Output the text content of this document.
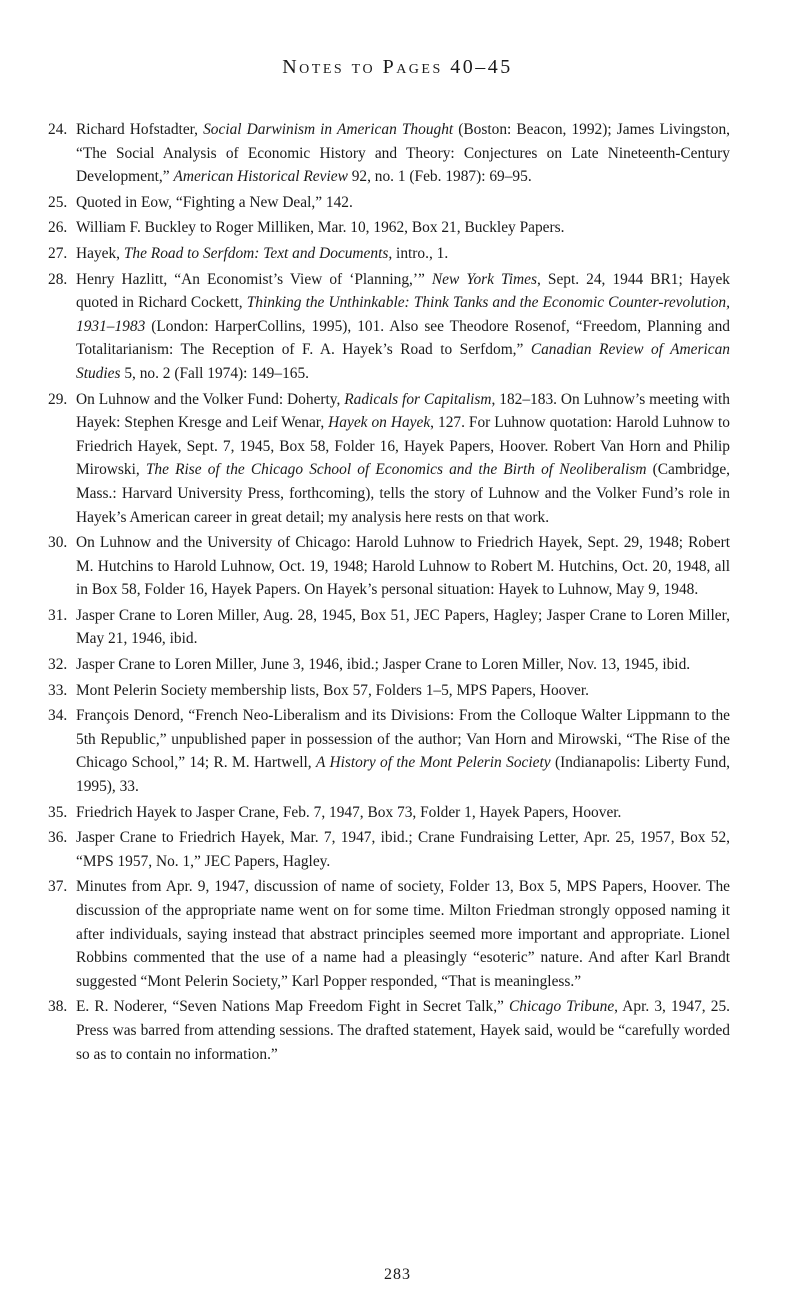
Notes to Pages 40–45
24. Richard Hofstadter, Social Darwinism in American Thought (Boston: Beacon, 1992); James Livingston, “The Social Analysis of Economic History and Theory: Conjectures on Late Nineteenth-Century Development,” American Historical Review 92, no. 1 (Feb. 1987): 69–95.
25. Quoted in Eow, “Fighting a New Deal,” 142.
26. William F. Buckley to Roger Milliken, Mar. 10, 1962, Box 21, Buckley Papers.
27. Hayek, The Road to Serfdom: Text and Documents, intro., 1.
28. Henry Hazlitt, “An Economist’s View of ‘Planning,’” New York Times, Sept. 24, 1944 BR1; Hayek quoted in Richard Cockett, Thinking the Unthinkable: Think Tanks and the Economic Counter-revolution, 1931–1983 (London: HarperCollins, 1995), 101. Also see Theodore Rosenof, “Freedom, Planning and Totalitarianism: The Reception of F. A. Hayek’s Road to Serfdom,” Canadian Review of American Studies 5, no. 2 (Fall 1974): 149–165.
29. On Luhnow and the Volker Fund: Doherty, Radicals for Capitalism, 182–183. On Luhnow’s meeting with Hayek: Stephen Kresge and Leif Wenar, Hayek on Hayek, 127. For Luhnow quotation: Harold Luhnow to Friedrich Hayek, Sept. 7, 1945, Box 58, Folder 16, Hayek Papers, Hoover. Robert Van Horn and Philip Mirowski, The Rise of the Chicago School of Economics and the Birth of Neoliberalism (Cambridge, Mass.: Harvard University Press, forthcoming), tells the story of Luhnow and the Volker Fund’s role in Hayek’s American career in great detail; my analysis here rests on that work.
30. On Luhnow and the University of Chicago: Harold Luhnow to Friedrich Hayek, Sept. 29, 1948; Robert M. Hutchins to Harold Luhnow, Oct. 19, 1948; Harold Luhnow to Robert M. Hutchins, Oct. 20, 1948, all in Box 58, Folder 16, Hayek Papers. On Hayek’s personal situation: Hayek to Luhnow, May 9, 1948.
31. Jasper Crane to Loren Miller, Aug. 28, 1945, Box 51, JEC Papers, Hagley; Jasper Crane to Loren Miller, May 21, 1946, ibid.
32. Jasper Crane to Loren Miller, June 3, 1946, ibid.; Jasper Crane to Loren Miller, Nov. 13, 1945, ibid.
33. Mont Pelerin Society membership lists, Box 57, Folders 1–5, MPS Papers, Hoover.
34. François Denord, “French Neo-Liberalism and its Divisions: From the Colloque Walter Lippmann to the 5th Republic,” unpublished paper in possession of the author; Van Horn and Mirowski, “The Rise of the Chicago School,” 14; R. M. Hartwell, A History of the Mont Pelerin Society (Indianapolis: Liberty Fund, 1995), 33.
35. Friedrich Hayek to Jasper Crane, Feb. 7, 1947, Box 73, Folder 1, Hayek Papers, Hoover.
36. Jasper Crane to Friedrich Hayek, Mar. 7, 1947, ibid.; Crane Fundraising Letter, Apr. 25, 1957, Box 52, “MPS 1957, No. 1,” JEC Papers, Hagley.
37. Minutes from Apr. 9, 1947, discussion of name of society, Folder 13, Box 5, MPS Papers, Hoover. The discussion of the appropriate name went on for some time. Milton Friedman strongly opposed naming it after individuals, saying instead that abstract principles seemed more important and appropriate. Lionel Robbins commented that the use of a name had a pleasingly “esoteric” nature. And after Karl Brandt suggested “Mont Pelerin Society,” Karl Popper responded, “That is meaningless.”
38. E. R. Noderer, “Seven Nations Map Freedom Fight in Secret Talk,” Chicago Tribune, Apr. 3, 1947, 25. Press was barred from attending sessions. The drafted statement, Hayek said, would be “carefully worded so as to contain no information.”
283
